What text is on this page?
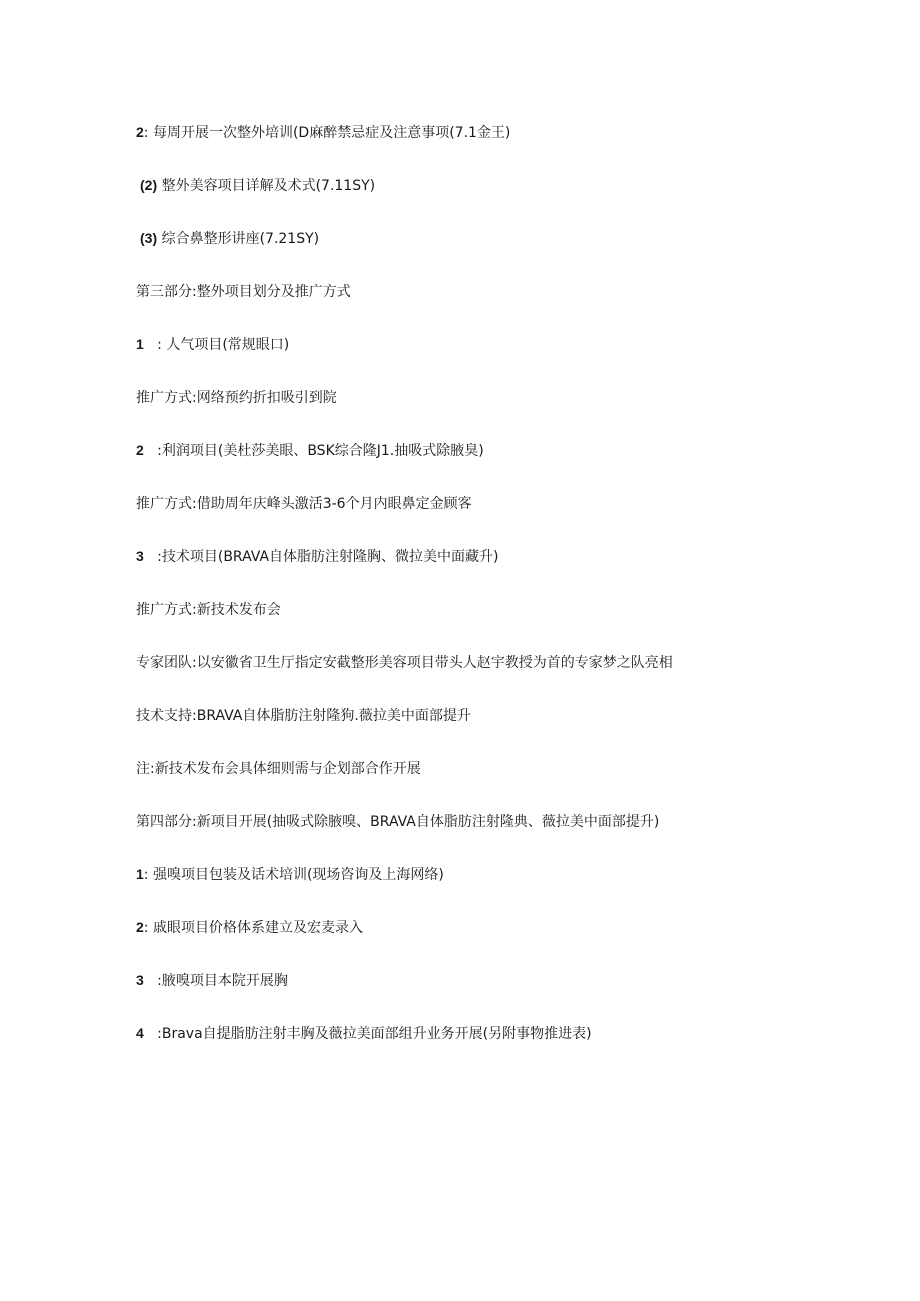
2: 每周开展一次整外培训(D麻醉禁忌症及注意事项(7.1金王)
(2) 整外美容项目详解及术式(7.11SY)
(3) 综合鼻整形讲座(7.21SY)
第三部分:整外项目划分及推广方式
1   : 人气项目(常规眼口)
推广方式:网络预约折扣吸引到院
2   :利润项目(美杜莎美眼、BSK综合隆J1.抽吸式除腋臭)
推广方式:借助周年庆峰头激活3-6个月内眼鼻定金顾客
3   :技术项目(BRAVA自体脂肪注射隆胸、微拉美中面藏升)
推广方式:新技术发布会
专家团队:以安徽省卫生厅指定安截整形美容项目带头人赵宇教授为首的专家梦之队亮相
技术支持:BRAVA自体脂肪注射隆狗.薇拉美中面部提升
注:新技术发布会具体细则需与企划部合作开展
第四部分:新项目开展(抽吸式除腋嗅、BRAVA自体脂肪注射隆典、薇拉美中面部提升)
1: 强嗅项目包装及话术培训(现场咨询及上海网络)
2: 戚眼项目价格体系建立及宏麦录入
3   :腋嗅项目本院开展胸
4   :Brava自提脂肪注射丰胸及薇拉美面部组升业务开展(另附事物推进表)
